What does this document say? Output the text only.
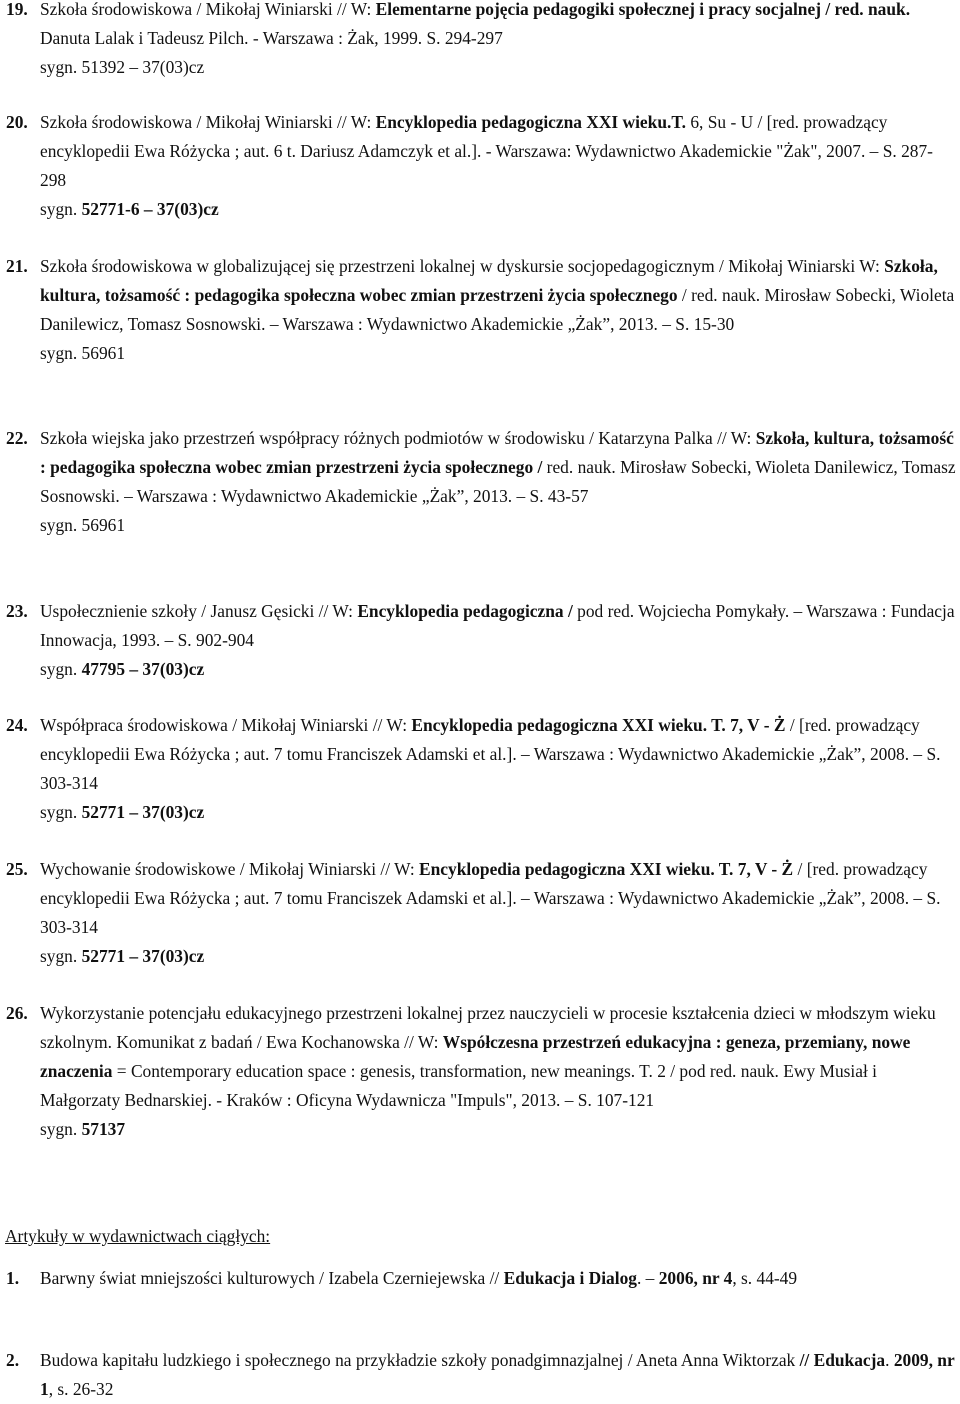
19. Szkoła środowiskowa / Mikołaj Winiarski // W: Elementarne pojęcia pedagogiki społecznej i pracy socjalnej / red. nauk. Danuta Lalak i Tadeusz Pilch. - Warszawa : Żak, 1999. S. 294-297
sygn. 51392 – 37(03)cz
20. Szkoła środowiskowa / Mikołaj Winiarski // W: Encyklopedia pedagogiczna XXI wieku.T. 6, Su - U / [red. prowadzący encyklopedii Ewa Różycka ; aut. 6 t. Dariusz Adamczyk et al.]. - Warszawa: Wydawnictwo Akademickie "Żak", 2007. – S. 287-298
sygn. 52771-6 – 37(03)cz
21. Szkoła środowiskowa w globalizującej się przestrzeni lokalnej w dyskursie socjopedagogicznym / Mikołaj Winiarski W: Szkoła, kultura, tożsamość : pedagogika społeczna wobec zmian przestrzeni życia społecznego / red. nauk. Mirosław Sobecki, Wioleta Danilewicz, Tomasz Sosnowski. – Warszawa : Wydawnictwo Akademickie „Żak”, 2013. – S. 15-30
sygn. 56961
22. Szkoła wiejska jako przestrzeń współpracy różnych podmiotów w środowisku / Katarzyna Palka // W: Szkoła, kultura, tożsamość : pedagogika społeczna wobec zmian przestrzeni życia społecznego / red. nauk. Mirosław Sobecki, Wioleta Danilewicz, Tomasz Sosnowski. – Warszawa : Wydawnictwo Akademickie „Żak”, 2013. – S. 43-57
sygn. 56961
23. Uspołecznienie szkoły / Janusz Gęsicki // W: Encyklopedia pedagogiczna / pod red. Wojciecha Pomykały. – Warszawa : Fundacja Innowacja, 1993. – S. 902-904
sygn. 47795 – 37(03)cz
24. Współpraca środowiskowa / Mikołaj Winiarski // W: Encyklopedia pedagogiczna XXI wieku. T. 7, V - Ż / [red. prowadzący encyklopedii Ewa Różycka ; aut. 7 tomu Franciszek Adamski et al.]. – Warszawa : Wydawnictwo Akademickie „Żak”, 2008. – S. 303-314
sygn. 52771 – 37(03)cz
25. Wychowanie środowiskowe / Mikołaj Winiarski // W: Encyklopedia pedagogiczna XXI wieku. T. 7, V - Ż / [red. prowadzący encyklopedii Ewa Różycka ; aut. 7 tomu Franciszek Adamski et al.]. – Warszawa : Wydawnictwo Akademickie „Żak”, 2008. – S. 303-314
sygn. 52771 – 37(03)cz
26. Wykorzystanie potencjału edukacyjnego przestrzeni lokalnej przez nauczycieli w procesie kształcenia dzieci w młodszym wieku szkolnym. Komunikat z badań / Ewa Kochanowska // W: Współczesna przestrzeń edukacyjna : geneza, przemiany, nowe znaczenia = Contemporary education space : genesis, transformation, new meanings. T. 2 / pod red. nauk. Ewy Musiał i Małgorzaty Bednarskiej. - Kraków : Oficyna Wydawnicza "Impuls", 2013. – S. 107-121
sygn. 57137
Artykuły w wydawnictwach ciągłych:
1. Barwny świat mniejszości kulturowych / Izabela Czerniejewska // Edukacja i Dialog. – 2006, nr 4, s. 44-49
2. Budowa kapitału ludzkiego i społecznego na przykładzie szkoły ponadgimnazjalnej / Aneta Anna Wiktorzak // Edukacja. 2009, nr 1, s. 26-32
